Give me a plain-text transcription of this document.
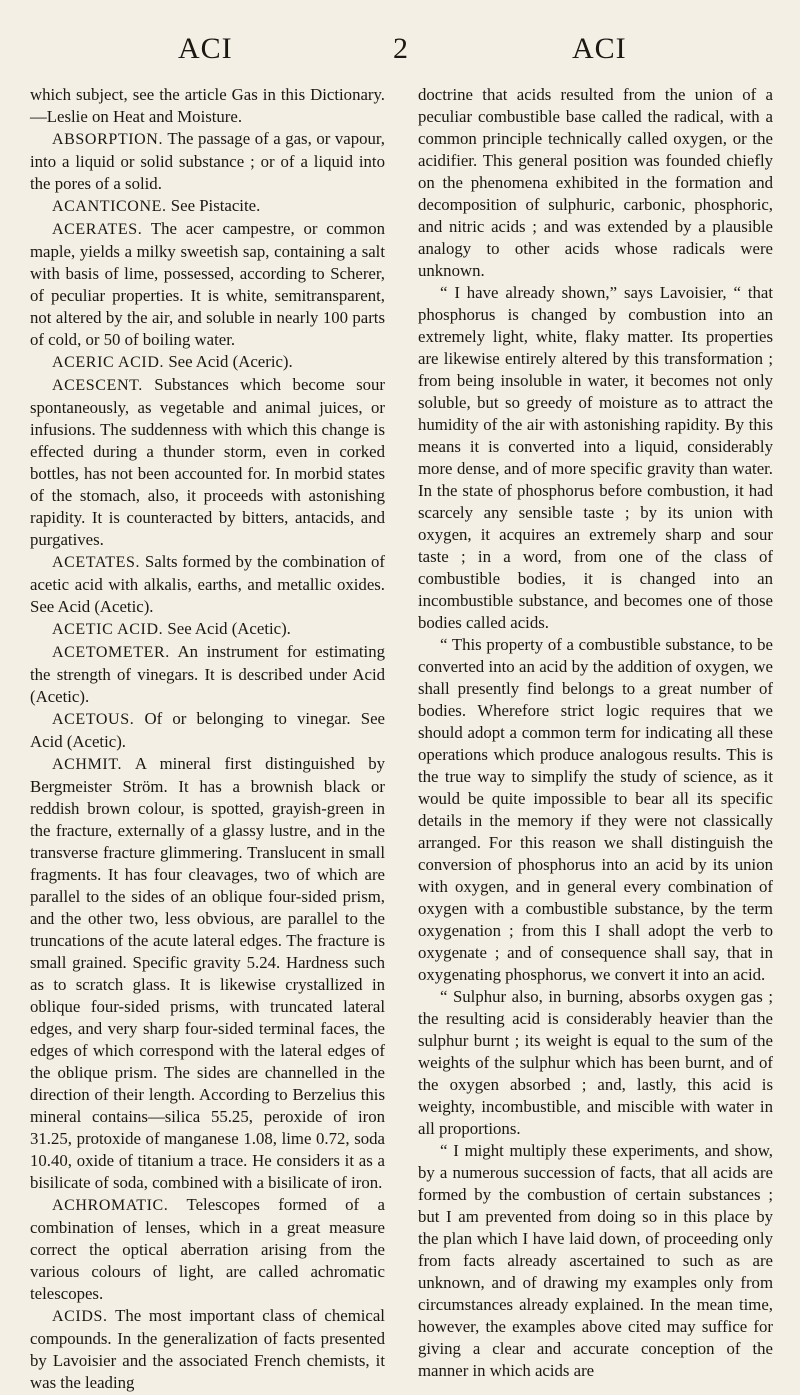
ACI	2	ACI

which subject, see the article Gas in this Dictionary.—Leslie on Heat and Moisture.

ABSORPTION. The passage of a gas, or vapour, into a liquid or solid substance ; or of a liquid into the pores of a solid.

ACANTICONE. See Pistacite.

ACERATES. The acer campestre, or common maple, yields a milky sweetish sap, containing a salt with basis of lime, possessed, according to Scherer, of peculiar properties. It is white, semitransparent, not altered by the air, and soluble in nearly 100 parts of cold, or 50 of boiling water.

ACERIC ACID. See Acid (Aceric).

ACESCENT. Substances which become sour spontaneously, as vegetable and animal juices, or infusions. The suddenness with which this change is effected during a thunder storm, even in corked bottles, has not been accounted for. In morbid states of the stomach, also, it proceeds with astonishing rapidity. It is counteracted by bitters, antacids, and purgatives.

ACETATES. Salts formed by the combination of acetic acid with alkalis, earths, and metallic oxides. See Acid (Acetic).

ACETIC ACID. See Acid (Acetic).

ACETOMETER. An instrument for estimating the strength of vinegars. It is described under Acid (Acetic).

ACETOUS. Of or belonging to vinegar. See Acid (Acetic).

ACHMIT. A mineral first distinguished by Bergmeister Ström. It has a brownish black or reddish brown colour, is spotted, grayish-green in the fracture, externally of a glassy lustre, and in the transverse fracture glimmering. Translucent in small fragments. It has four cleavages, two of which are parallel to the sides of an oblique four-sided prism, and the other two, less obvious, are parallel to the truncations of the acute lateral edges. The fracture is small grained. Specific gravity 5.24. Hardness such as to scratch glass. It is likewise crystallized in oblique four-sided prisms, with truncated lateral edges, and very sharp four-sided terminal faces, the edges of which correspond with the lateral edges of the oblique prism. The sides are channelled in the direction of their length. According to Berzelius this mineral contains—silica 55.25, peroxide of iron 31.25, protoxide of manganese 1.08, lime 0.72, soda 10.40, oxide of titanium a trace. He considers it as a bisilicate of soda, combined with a bisilicate of iron.

ACHROMATIC. Telescopes formed of a combination of lenses, which in a great measure correct the optical aberration arising from the various colours of light, are called achromatic telescopes.

ACIDS. The most important class of chemical compounds. In the generalization of facts presented by Lavoisier and the associated French chemists, it was the leading

doctrine that acids resulted from the union of a peculiar combustible base called the radical, with a common principle technically called oxygen, or the acidifier. This general position was founded chiefly on the phenomena exhibited in the formation and decomposition of sulphuric, carbonic, phosphoric, and nitric acids ; and was extended by a plausible analogy to other acids whose radicals were unknown.

“ I have already shown,” says Lavoisier, “ that phosphorus is changed by combustion into an extremely light, white, flaky matter. Its properties are likewise entirely altered by this transformation ; from being insoluble in water, it becomes not only soluble, but so greedy of moisture as to attract the humidity of the air with astonishing rapidity. By this means it is converted into a liquid, considerably more dense, and of more specific gravity than water. In the state of phosphorus before combustion, it had scarcely any sensible taste ; by its union with oxygen, it acquires an extremely sharp and sour taste ; in a word, from one of the class of combustible bodies, it is changed into an incombustible substance, and becomes one of those bodies called acids.

“ This property of a combustible substance, to be converted into an acid by the addition of oxygen, we shall presently find belongs to a great number of bodies. Wherefore strict logic requires that we should adopt a common term for indicating all these operations which produce analogous results. This is the true way to simplify the study of science, as it would be quite impossible to bear all its specific details in the memory if they were not classically arranged. For this reason we shall distinguish the conversion of phosphorus into an acid by its union with oxygen, and in general every combination of oxygen with a combustible substance, by the term oxygenation ; from this I shall adopt the verb to oxygenate ; and of consequence shall say, that in oxygenating phosphorus, we convert it into an acid.

“ Sulphur also, in burning, absorbs oxygen gas ; the resulting acid is considerably heavier than the sulphur burnt ; its weight is equal to the sum of the weights of the sulphur which has been burnt, and of the oxygen absorbed ; and, lastly, this acid is weighty, incombustible, and miscible with water in all proportions.

“ I might multiply these experiments, and show, by a numerous succession of facts, that all acids are formed by the combustion of certain substances ; but I am prevented from doing so in this place by the plan which I have laid down, of proceeding only from facts already ascertained to such as are unknown, and of drawing my examples only from circumstances already explained. In the mean time, however, the examples above cited may suffice for giving a clear and accurate conception of the manner in which acids are
